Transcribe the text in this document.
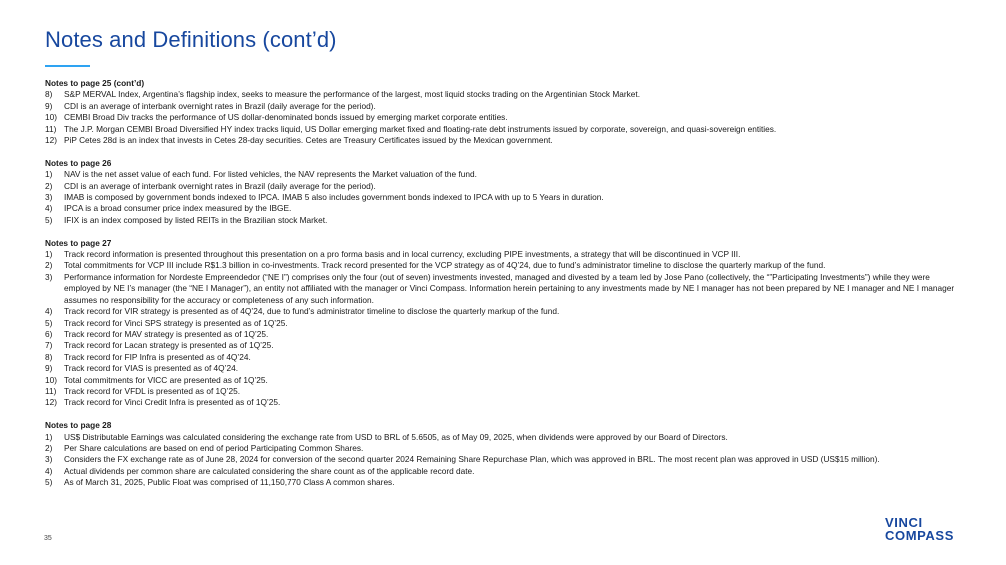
Notes and Definitions (cont’d)
Notes to page 25 (cont’d)
8)	S&P MERVAL Index, Argentina’s flagship index, seeks to measure the performance of the largest, most liquid stocks trading on the Argentinian Stock Market.
9)	CDI is an average of interbank overnight rates in Brazil (daily average for the period).
10) CEMBI Broad Div tracks the performance of US dollar-denominated bonds issued by emerging market corporate entities.
11) The J.P. Morgan CEMBI Broad Diversified HY index tracks liquid, US Dollar emerging market fixed and floating-rate debt instruments issued by corporate, sovereign, and quasi-sovereign entities.
12) PiP Cetes 28d is an index that invests in Cetes 28-day securities. Cetes are Treasury Certificates issued by the Mexican government.
Notes to page 26
1)	NAV is the net asset value of each fund. For listed vehicles, the NAV represents the Market valuation of the fund.
2)	CDI is an average of interbank overnight rates in Brazil (daily average for the period).
3)	IMAB is composed by government bonds indexed to IPCA. IMAB 5 also includes government bonds indexed to IPCA with up to 5 Years in duration.
4)	IPCA is a broad consumer price index measured by the IBGE.
5)	IFIX is an index composed by listed REITs in the Brazilian stock Market.
Notes to page 27
1)	Track record information is presented throughout this presentation on a pro forma basis and in local currency, excluding PIPE investments, a strategy that will be discontinued in VCP III.
2)	Total commitments for VCP III include R$1.3 billion in co-investments. Track record presented for the VCP strategy as of 4Q’24, due to fund’s administrator timeline to disclose the quarterly markup of the fund.
3)	Performance information for Nordeste Empreendedor (“NE I”) comprises only the four (out of seven) investments invested, managed and divested by a team led by Jose Pano (collectively, the “”Participating Investments”) while they were employed by NE I’s manager (the “NE I Manager”), an entity not affiliated with the manager or Vinci Compass. Information herein pertaining to any investments made by NE I manager has not been prepared by NE I manager and NE I manager assumes no responsibility for the accuracy or completeness of any such information.
4)	Track record for VIR strategy is presented as of 4Q’24, due to fund’s administrator timeline to disclose the quarterly markup of the fund.
5)	Track record for Vinci SPS strategy is presented as of 1Q’25.
6)	Track record for MAV strategy is presented as of 1Q’25.
7)	Track record for Lacan strategy is presented as of 1Q’25.
8)	Track record for FIP Infra is presented as of 4Q’24.
9)	Track record for VIAS is presented as of 4Q’24.
10) Total commitments for VICC are presented as of 1Q’25.
11) Track record for VFDL is presented as of 1Q’25.
12) Track record for Vinci Credit Infra is presented as of 1Q’25.
Notes to page 28
1)	US$ Distributable Earnings was calculated considering the exchange rate from USD to BRL of 5.6505, as of May 09, 2025, when dividends were approved by our Board of Directors.
2)	Per Share calculations are based on end of period Participating Common Shares.
3)	Considers the FX exchange rate as of June 28, 2024 for conversion of the second quarter 2024 Remaining Share Repurchase Plan, which was approved in BRL. The most recent plan was approved in USD (US$15 million).
4)	Actual dividends per common share are calculated considering the share count as of the applicable record date.
5)	As of March 31, 2025, Public Float was comprised of 11,150,770 Class A common shares.
35
VINCI
COMPASS
